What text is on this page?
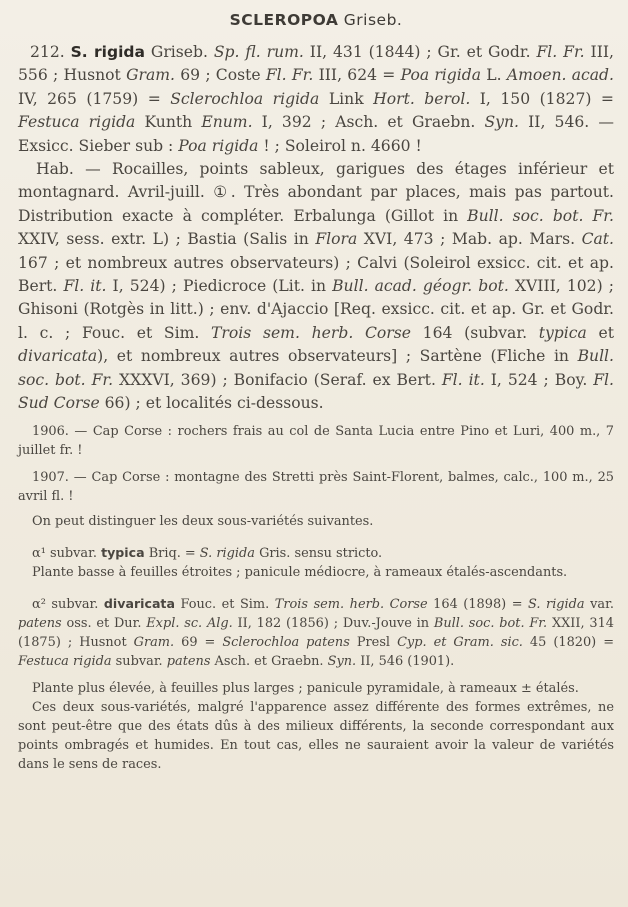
SCLEROPOA Griseb.

212. S. rigida Griseb. Sp. fl. rum. II, 431 (1844) ; Gr. et Godr. Fl. Fr. III, 556 ; Husnot Gram. 69 ; Coste Fl. Fr. III, 624 = Poa rigida L. Amoen. acad. IV, 265 (1759) = Sclerochloa rigida Link Hort. berol. I, 150 (1827) = Festuca rigida Kunth Enum. I, 392 ; Asch. et Graebn. Syn. II, 546. — Exsicc. Sieber sub : Poa rigida ! ; Soleirol n. 4660 !

Hab. — Rocailles, points sableux, garigues des étages inférieur et montagnard. Avril-juill. ①. Très abondant par places, mais pas partout. Distribution exacte à compléter. Erbalunga (Gillot in Bull. soc. bot. Fr. XXIV, sess. extr. L) ; Bastia (Salis in Flora XVI, 473 ; Mab. ap. Mars. Cat. 167 ; et nombreux autres observateurs) ; Calvi (Soleirol exsicc. cit. et ap. Bert. Fl. it. I, 524) ; Piedicroce (Lit. in Bull. acad. géogr. bot. XVIII, 102) ; Ghisoni (Rotgès in litt.) ; env. d'Ajaccio [Req. exsicc. cit. et ap. Gr. et Godr. l. c. ; Fouc. et Sim. Trois sem. herb. Corse 164 (subvar. typica et divaricata), et nombreux autres observateurs] ; Sartène (Fliche in Bull. soc. bot. Fr. XXXVI, 369) ; Bonifacio (Seraf. ex Bert. Fl. it. I, 524 ; Boy. Fl. Sud Corse 66) ; et localités ci-dessous.

1906. — Cap Corse : rochers frais au col de Santa Lucia entre Pino et Luri, 400 m., 7 juillet fr. !

1907. — Cap Corse : montagne des Stretti près Saint-Florent, balmes, calc., 100 m., 25 avril fl. !

On peut distinguer les deux sous-variétés suivantes.

α¹ subvar. typica Briq. = S. rigida Gris. sensu stricto.

Plante basse à feuilles étroites ; panicule médiocre, à rameaux étalés-ascendants.

α² subvar. divaricata Fouc. et Sim. Trois sem. herb. Corse 164 (1898) = S. rigida var. patens oss. et Dur. Expl. sc. Alg. II, 182 (1856) ; Duv.-Jouve in Bull. soc. bot. Fr. XXII, 314 (1875) ; Husnot Gram. 69 = Sclerochloa patens Presl Cyp. et Gram. sic. 45 (1820) = Festuca rigida subvar. patens Asch. et Graebn. Syn. II, 546 (1901).

Plante plus élevée, à feuilles plus larges ; panicule pyramidale, à rameaux ± étalés.

Ces deux sous-variétés, malgré l'apparence assez différente des formes extrêmes, ne sont peut-être que des états dûs à des milieux différents, la seconde correspondant aux points ombragés et humides. En tout cas, elles ne sauraient avoir la valeur de variétés dans le sens de races.
